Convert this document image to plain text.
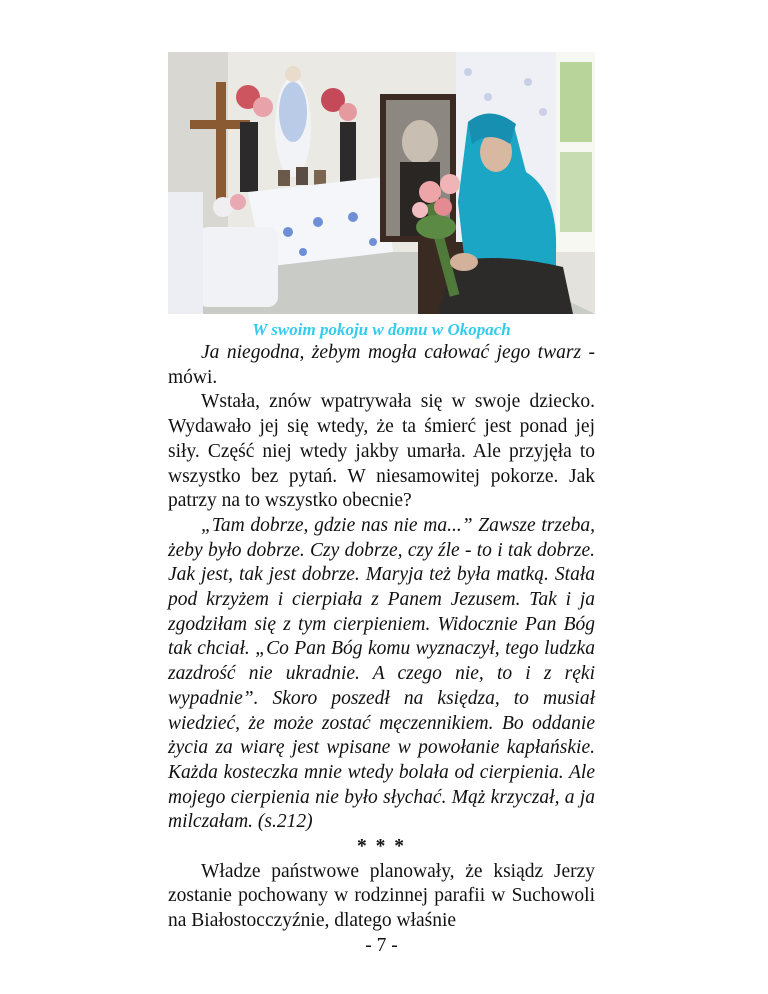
W swoim pokoju w domu w Okopach

Ja niegodna, żebym mogła całować jego twarz - mówi.

Wstała, znów wpatrywała się w swoje dziecko. Wydawało jej się wtedy, że ta śmierć jest ponad jej siły. Część niej wtedy jakby umarła. Ale przyjęła to wszystko bez pytań. W niesamowitej pokorze. Jak patrzy na to wszystko obecnie?

„Tam dobrze, gdzie nas nie ma...” Zawsze trzeba, żeby było dobrze. Czy dobrze, czy źle - to i tak dobrze. Jak jest, tak jest dobrze. Maryja też była matką. Stała pod krzyżem i cierpiała z Panem Jezusem. Tak i ja zgodziłam się z tym cierpieniem. Widocznie Pan Bóg tak chciał. „Co Pan Bóg komu wyznaczył, tego ludzka zazdrość nie ukradnie. A czego nie, to i z ręki wypadnie”. Skoro poszedł na księdza, to musiał wiedzieć, że może zostać męczennikiem. Bo oddanie życia za wiarę jest wpisane w powołanie kapłańskie. Każda kosteczka mnie wtedy bolała od cierpienia. Ale mojego cierpienia nie było słychać. Mąż krzyczał, a ja milczałam. (s.212)

* * *

Władze państwowe planowały, że ksiądz Jerzy zostanie pochowany w rodzinnej parafii w Suchowoli na Białostocczyźnie, dlatego właśnie

- 7 -
